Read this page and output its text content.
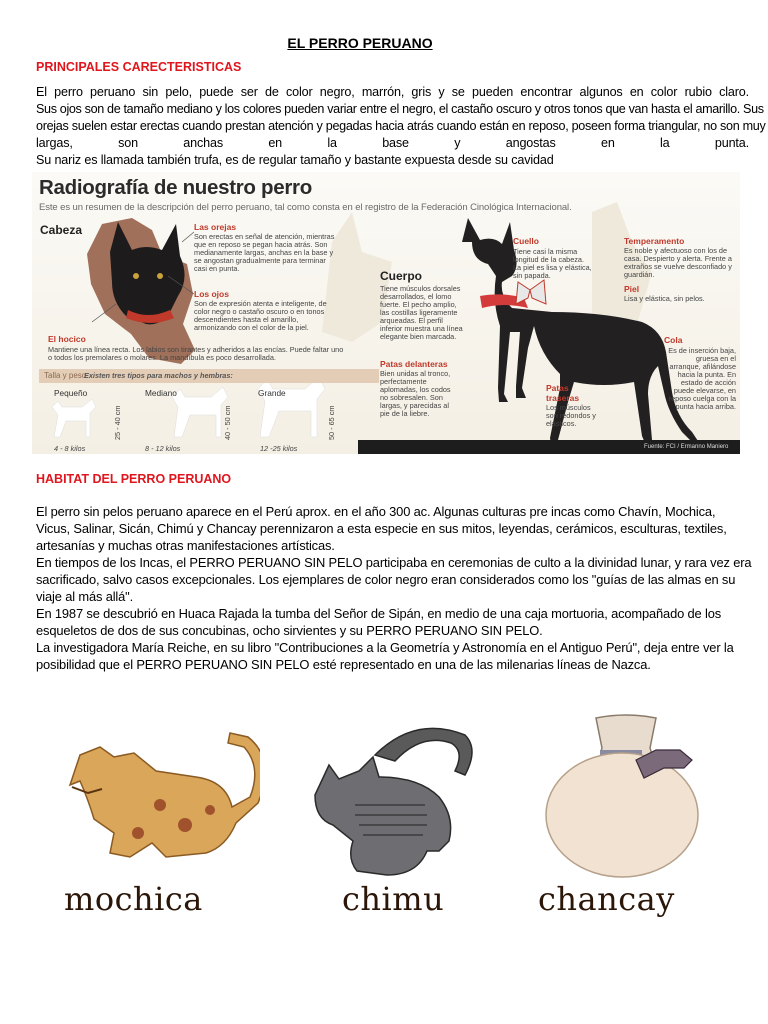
EL PERRO PERUANO
PRINCIPALES CARECTERISTICAS
El perro peruano sin pelo, puede ser de color negro, marrón, gris y se pueden encontrar algunos en color rubio claro.
Sus ojos son de tamaño mediano y los colores pueden variar entre el negro, el castaño oscuro y otros tonos que van hasta el amarillo. Sus
orejas suelen estar erectas cuando prestan atención y pegadas hacia atrás cuando están en reposo, poseen forma triangular, no son muy
largas,	son	anchas	en	la	base	y	angostas	en	la	punta.
Su nariz es llamada también trufa, es de regular tamaño y bastante expuesta desde su cavidad
Radiografía de nuestro perro
Este es un resumen de la descripción del perro peruano, tal como consta en el registro de la Federación Cinológica Internacional.
Cabeza	Las orejas
Son erectas en señal de atención, mientras que en reposo se pegan hacia atrás. Son medianamente largas, anchas en la base y se angostan gradualmente para terminar casi en punta.
Los ojos
Son de expresión atenta e inteligente, de color negro o castaño oscuro o en tonos descendientes hasta el amarillo, armonizando con el color de la piel.
El hocico
Mantiene una línea recta. Los labios son tirantes y adheridos a las encías. Puede faltar uno o todos los premolares o molares. La mandíbula es poco desarrollada.
Talla y peso
Existen tres tipos para machos y hembras:
Pequeño	Mediano	Grande
25 - 40 cm	40 - 50 cm	50 - 65 cm
4 - 8 kilos	8 - 12 kilos	12 -25 kilos
Cuerpo
Tiene músculos dorsales desarrollados, el lomo fuerte. El pecho amplio, las costillas ligeramente arqueadas. El perfil inferior muestra una línea elegante bien marcada.
Patas delanteras
Bien unidas al tronco, perfectamente aplomadas, los codos no sobresalen. Son largas, y parecidas al pie de la liebre.
Cuello
Tiene casi la misma longitud de la cabeza. La piel es lisa y elástica, sin papada.
Temperamento
Es noble y afectuoso con los de casa. Despierto y alerta. Frente a extraños se vuelve desconfiado y guardián.
Piel
Lisa y elástica, sin pelos.
Cola
Es de inserción baja, gruesa en el arranque, afilándose hacia la punta. En estado de acción puede elevarse, en reposo cuelga con la punta hacia arriba.
Patas traseras
Los músculos son redondos y elásticos.
Fuente: FCI / Ermanno Maniero
HABITAT DEL PERRO PERUANO
El perro sin pelos peruano aparece en el Perú aprox. en el año 300 ac. Algunas culturas pre incas como Chavín, Mochica,
Vicus, Salinar, Sicán, Chimú y Chancay perennizaron a esta especie en sus mitos, leyendas, cerámicos, esculturas, textiles,
artesanías y muchas otras manifestaciones artísticas.
En tiempos de los Incas, el PERRO PERUANO SIN PELO participaba en ceremonias de culto a la divinidad lunar, y rara vez era
sacrificado, salvo casos excepcionales. Los ejemplares de color negro eran considerados como los "guías de las almas en su
viaje al más allá".
En 1987 se descubrió en Huaca Rajada la tumba del Señor de Sipán, en medio de una caja mortuoria, acompañado de los
esqueletos de dos de sus concubinas, ocho sirvientes y su PERRO PERUANO SIN PELO.
La investigadora María Reiche, en su libro "Contribuciones a la Geometría y Astronomía en el Antiguo Perú", deja entre ver la
posibilidad que el PERRO PERUANO SIN PELO esté representado en una de las milenarias líneas de Nazca.
mochica	chimu	chancay
